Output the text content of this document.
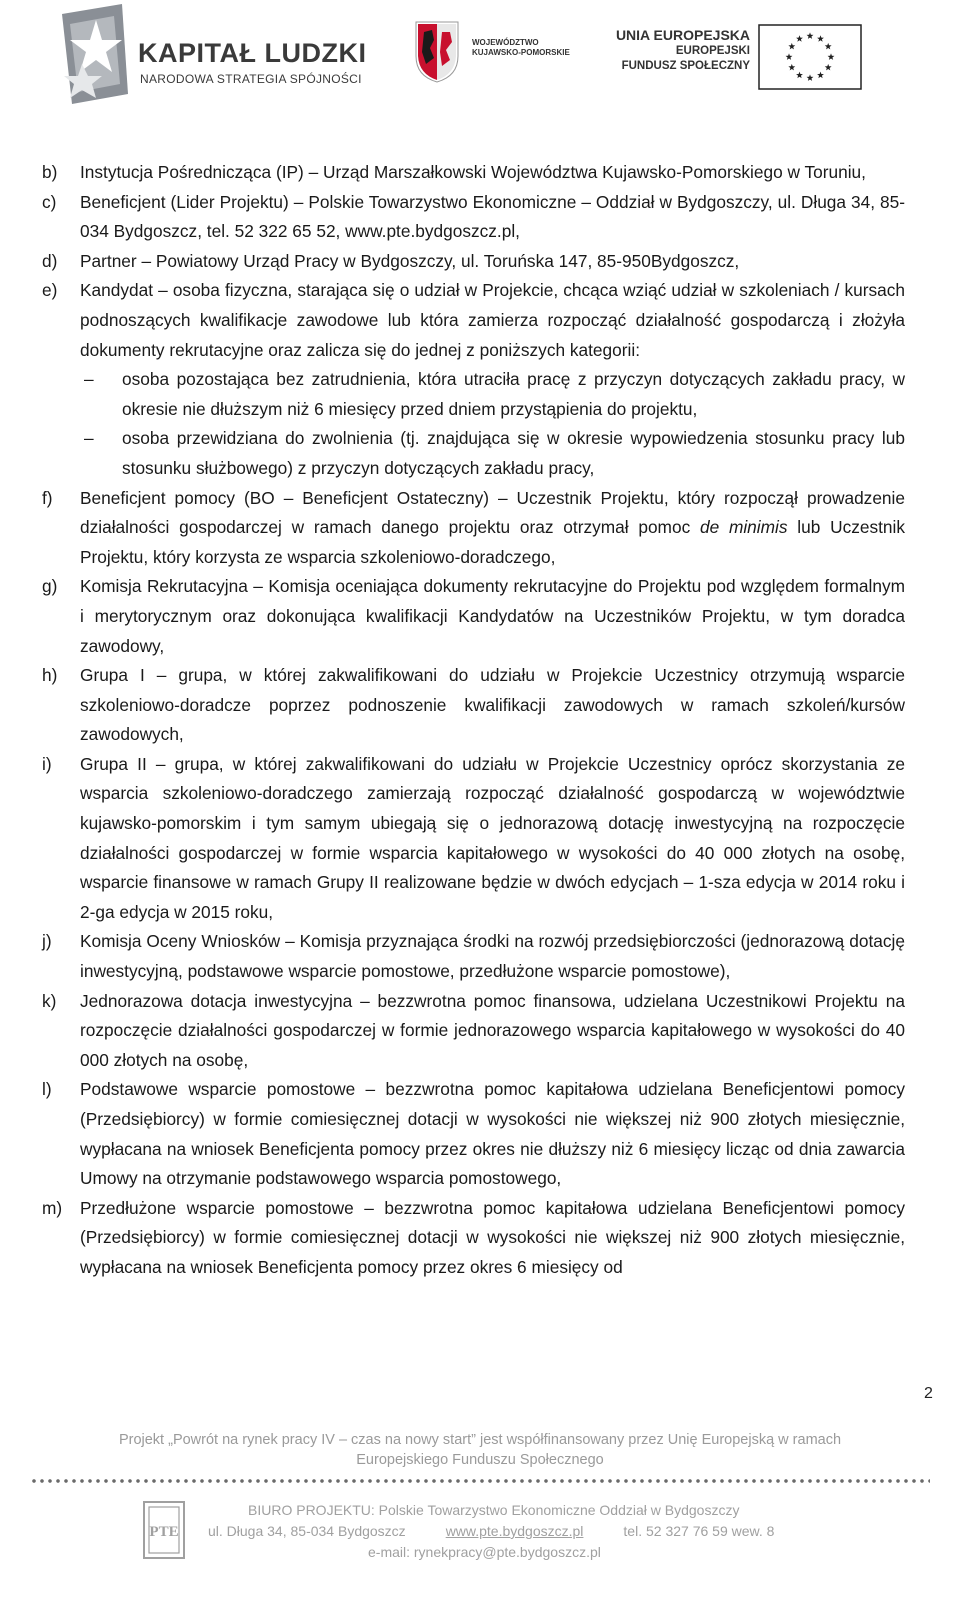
KAPITAŁ LUDZKI
NARODOWA STRATEGIA SPÓJNOŚCI
WOJEWÓDZTWO
KUJAWSKO-POMORSKIE
UNIA EUROPEJSKA
EUROPEJSKI
FUNDUSZ SPOŁECZNY
b) Instytucja Pośrednicząca (IP) – Urząd Marszałkowski Województwa Kujawsko-Pomorskiego w Toruniu,
c) Beneficjent (Lider Projektu) – Polskie Towarzystwo Ekonomiczne – Oddział w Bydgoszczy, ul. Długa 34, 85-034 Bydgoszcz, tel. 52 322 65 52, www.pte.bydgoszcz.pl,
d) Partner – Powiatowy Urząd Pracy w Bydgoszczy, ul. Toruńska 147, 85-950Bydgoszcz,
e) Kandydat – osoba fizyczna, starająca się o udział w Projekcie, chcąca wziąć udział w szkoleniach / kursach podnoszących kwalifikacje zawodowe lub która zamierza rozpocząć działalność gospodarczą i złożyła dokumenty rekrutacyjne oraz zalicza się do jednej z poniższych kategorii:
– osoba pozostająca bez zatrudnienia, która utraciła pracę z przyczyn dotyczących zakładu pracy, w okresie nie dłuższym niż 6 miesięcy przed dniem przystąpienia do projektu,
– osoba przewidziana do zwolnienia (tj. znajdująca się w okresie wypowiedzenia stosunku pracy lub stosunku służbowego) z przyczyn dotyczących zakładu pracy,
f) Beneficjent pomocy (BO – Beneficjent Ostateczny) – Uczestnik Projektu, który rozpoczął prowadzenie działalności gospodarczej w ramach danego projektu oraz otrzymał pomoc de minimis lub Uczestnik Projektu, który korzysta ze wsparcia szkoleniowo-doradczego,
g) Komisja Rekrutacyjna – Komisja oceniająca dokumenty rekrutacyjne do Projektu pod względem formalnym i merytorycznym oraz dokonująca kwalifikacji Kandydatów na Uczestników Projektu, w tym doradca zawodowy,
h) Grupa I – grupa, w której zakwalifikowani do udziału w Projekcie Uczestnicy otrzymują wsparcie szkoleniowo-doradcze poprzez podnoszenie kwalifikacji zawodowych w ramach szkoleń/kursów zawodowych,
i) Grupa II – grupa, w której zakwalifikowani do udziału w Projekcie Uczestnicy oprócz skorzystania ze wsparcia szkoleniowo-doradczego zamierzają rozpocząć działalność gospodarczą w województwie kujawsko-pomorskim i tym samym ubiegają się o jednorazową dotację inwestycyjną na rozpoczęcie działalności gospodarczej w formie wsparcia kapitałowego w wysokości do 40 000 złotych na osobę, wsparcie finansowe w ramach Grupy II realizowane będzie w dwóch edycjach – 1-sza edycja w 2014 roku i 2-ga edycja w 2015 roku,
j) Komisja Oceny Wniosków – Komisja przyznająca środki na rozwój przedsiębiorczości (jednorazową dotację inwestycyjną, podstawowe wsparcie pomostowe, przedłużone wsparcie pomostowe),
k) Jednorazowa dotacja inwestycyjna – bezzwrotna pomoc finansowa, udzielana Uczestnikowi Projektu na rozpoczęcie działalności gospodarczej w formie jednorazowego wsparcia kapitałowego w wysokości do 40 000 złotych na osobę,
l) Podstawowe wsparcie pomostowe – bezzwrotna pomoc kapitałowa udzielana Beneficjentowi pomocy (Przedsiębiorcy) w formie comiesięcznej dotacji w wysokości nie większej niż 900 złotych miesięcznie, wypłacana na wniosek Beneficjenta pomocy przez okres nie dłuższy niż 6 miesięcy licząc od dnia zawarcia Umowy na otrzymanie podstawowego wsparcia pomostowego,
m) Przedłużone wsparcie pomostowe – bezzwrotna pomoc kapitałowa udzielana Beneficjentowi pomocy (Przedsiębiorcy) w formie comiesięcznej dotacji w wysokości nie większej niż 900 złotych miesięcznie, wypłacana na wniosek Beneficjenta pomocy przez okres 6 miesięcy od
2
Projekt „Powrót na rynek pracy IV – czas na nowy start” jest współfinansowany przez Unię Europejską w ramach Europejskiego Funduszu Społecznego
PTE
BIURO PROJEKTU: Polskie Towarzystwo Ekonomiczne Oddział w Bydgoszczy
ul. Długa 34, 85-034 Bydgoszcz	www.pte.bydgoszcz.pl	tel. 52 327 76 59 wew. 8
e-mail: rynekpracy@pte.bydgoszcz.pl
